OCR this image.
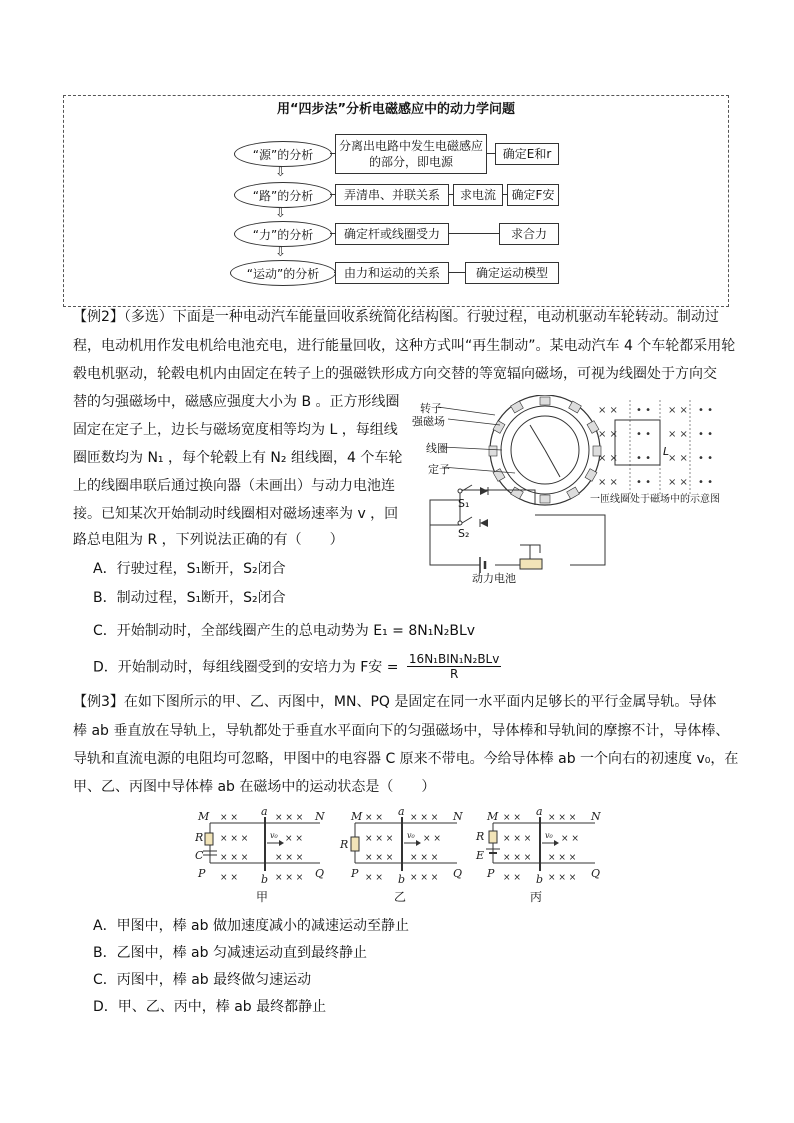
用“四步法”分析电磁感应中的动力学问题
“源”的分析
分离出电路中发生电磁感应的部分，即电源
确定E和r
⇩
“路”的分析	弄清串、并联关系	求电流	确定F安
⇩
“力”的分析	确定杆或线圈受力	求合力
⇩
“运动”的分析	由力和运动的关系	确定运动模型
【例2】（多选）下面是一种电动汽车能量回收系统简化结构图。行驶过程，电动机驱动车轮转动。制动过
程，电动机用作发电机给电池充电，进行能量回收，这种方式叫“再生制动”。某电动汽车 4 个车轮都采用轮
毂电机驱动，轮毂电机内由固定在转子上的强磁铁形成方向交替的等宽辐向磁场，可视为线圈处于方向交
替的匀强磁场中，磁感应强度大小为 B 。正方形线圈
固定在定子上，边长与磁场宽度相等均为 L ，每组线
圈匝数均为 N₁ ，每个轮毂上有 N₂ 组线圈，4 个车轮
上的线圈串联后通过换向器（未画出）与动力电池连
接。已知某次开始制动时线圈相对磁场速率为 v ，回
路总电阻为 R ，下列说法正确的有（　　）
A．行驶过程，S₁断开，S₂闭合
B．制动过程，S₁断开，S₂闭合
C．开始制动时，全部线圈产生的总电动势为 E₁ = 8N₁N₂BLv
D．开始制动时，每组线圈受到的安培力为 F安 =
16N₁BIN₁N₂BLv
R
× × • • × × • •
× × • • × × • •
× × • • × × • •
× × • • × × • •
转子
强磁场
线圈
定子
S₁
S₂
L
动力电池
一匝线圈处于磁场中的示意图
【例3】在如下图所示的甲、乙、丙图中，MN、PQ 是固定在同一水平面内足够长的平行金属导轨。导体
棒 ab 垂直放在导轨上，导轨都处于垂直水平面向下的匀强磁场中，导体棒和导轨间的摩擦不计，导体棒、
导轨和直流电源的电阻均可忽略，甲图中的电容器 C 原来不带电。今给导体棒 ab 一个向右的初速度 v₀，在
甲、乙、丙图中导体棒 ab 在磁场中的运动状态是（　　）
M	N
P	Q
a
b
R
C
v₀
× ×	× × ×
× × ×	× ×
× × ×	× × ×
× ×	× × ×
M	N
P	Q
a
b
R
v₀
× ×	× × ×
× × ×	× ×
× × × × × ×
× ×	× × ×
M	N
P	Q
a
b
R
E
v₀
× ×	× × ×
× × ×	× ×
× × × × × ×
× ×	× × ×
甲	乙	丙
A．甲图中，棒 ab 做加速度减小的减速运动至静止
B．乙图中，棒 ab 匀减速运动直到最终静止
C．丙图中，棒 ab 最终做匀速运动
D．甲、乙、丙中，棒 ab 最终都静止
